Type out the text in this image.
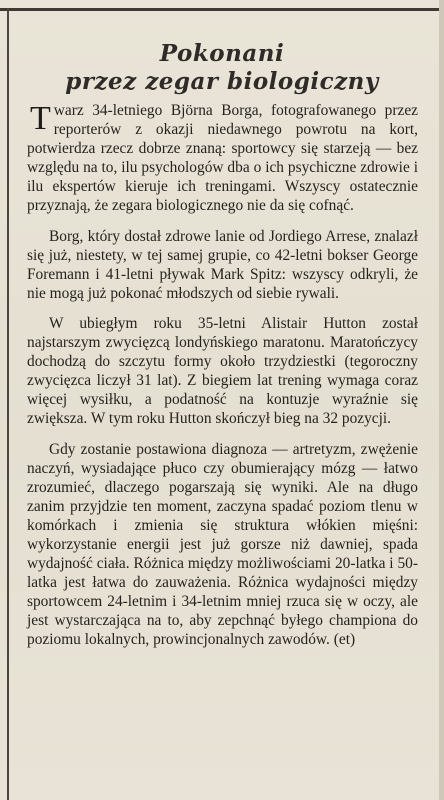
Pokonani
przez zegar biologiczny

Twarz 34-letniego Björna Borga, fotografowanego przez reporterów z okazji niedawnego powrotu na kort, potwierdza rzecz dobrze znaną: sportowcy się starzeją — bez względu na to, ilu psychologów dba o ich psychiczne zdrowie i ilu ekspertów kieruje ich treningami. Wszyscy ostatecznie przyznają, że zegara biologicznego nie da się cofnąć.

Borg, który dostał zdrowe lanie od Jordiego Arrese, znalazł się już, niestety, w tej samej grupie, co 42-letni bokser George Foremann i 41-letni pływak Mark Spitz: wszyscy odkryli, że nie mogą już pokonać młodszych od siebie rywali.

W ubiegłym roku 35-letni Alistair Hutton został najstarszym zwycięzcą londyńskiego maratonu. Maratończycy dochodzą do szczytu formy około trzydziestki (tegoroczny zwycięzca liczył 31 lat). Z biegiem lat trening wymaga coraz więcej wysiłku, a podatność na kontuzje wyraźnie się zwiększa. W tym roku Hutton skończył bieg na 32 pozycji.

Gdy zostanie postawiona diagnoza — artretyzm, zwężenie naczyń, wysiadające płuco czy obumierający mózg — łatwo zrozumieć, dlaczego pogarszają się wyniki. Ale na długo zanim przyjdzie ten moment, zaczyna spadać poziom tlenu w komórkach i zmienia się struktura włókien mięśni: wykorzystanie energii jest już gorsze niż dawniej, spada wydajność ciała. Różnica między możliwościami 20-latka i 50-latka jest łatwa do zauważenia. Różnica wydajności między sportowcem 24-letnim i 34-letnim mniej rzuca się w oczy, ale jest wystarczająca na to, aby zepchnąć byłego championa do poziomu lokalnych, prowincjonalnych zawodów. (et)
